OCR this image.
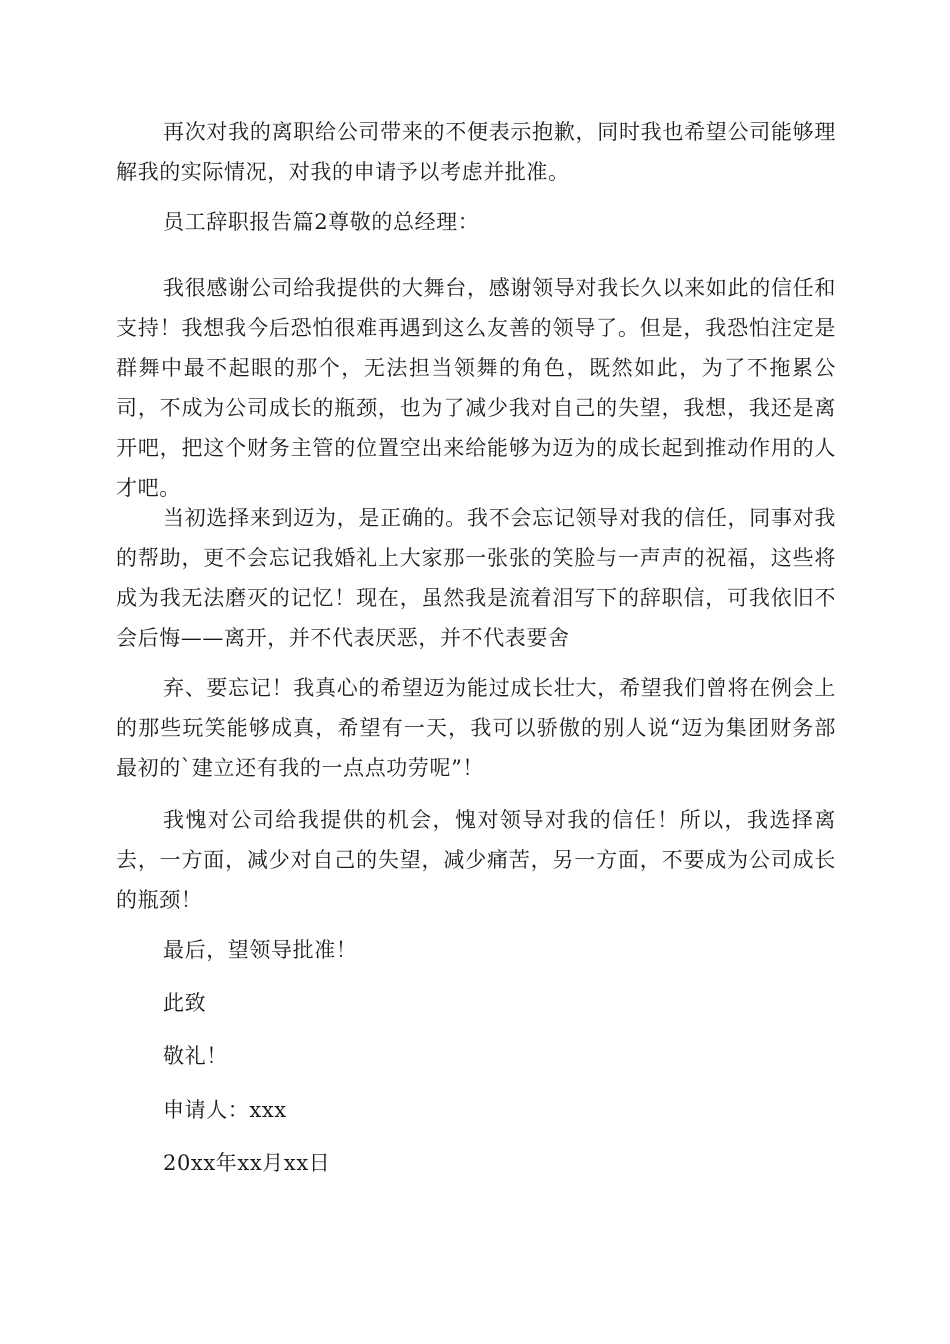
再次对我的离职给公司带来的不便表示抱歉，同时我也希望公司能够理解我的实际情况，对我的申请予以考虑并批准。

员工辞职报告篇2尊敬的总经理：

我很感谢公司给我提供的大舞台，感谢领导对我长久以来如此的信任和支持！我想我今后恐怕很难再遇到这么友善的领导了。但是，我恐怕注定是群舞中最不起眼的那个，无法担当领舞的角色，既然如此，为了不拖累公司，不成为公司成长的瓶颈，也为了减少我对自己的失望，我想，我还是离开吧，把这个财务主管的位置空出来给能够为迈为的成长起到推动作用的人才吧。

当初选择来到迈为，是正确的。我不会忘记领导对我的信任，同事对我的帮助，更不会忘记我婚礼上大家那一张张的笑脸与一声声的祝福，这些将成为我无法磨灭的记忆！现在，虽然我是流着泪写下的辞职信，可我依旧不会后悔——离开，并不代表厌恶，并不代表要舍

弃、要忘记！我真心的希望迈为能过成长壮大，希望我们曾将在例会上的那些玩笑能够成真，希望有一天，我可以骄傲的别人说“迈为集团财务部最初的`建立还有我的一点点功劳呢”！

我愧对公司给我提供的机会，愧对领导对我的信任！所以，我选择离去，一方面，减少对自己的失望，减少痛苦，另一方面，不要成为公司成长的瓶颈！

最后，望领导批准！

此致

敬礼！

申请人：xxx

20xx年xx月xx日
